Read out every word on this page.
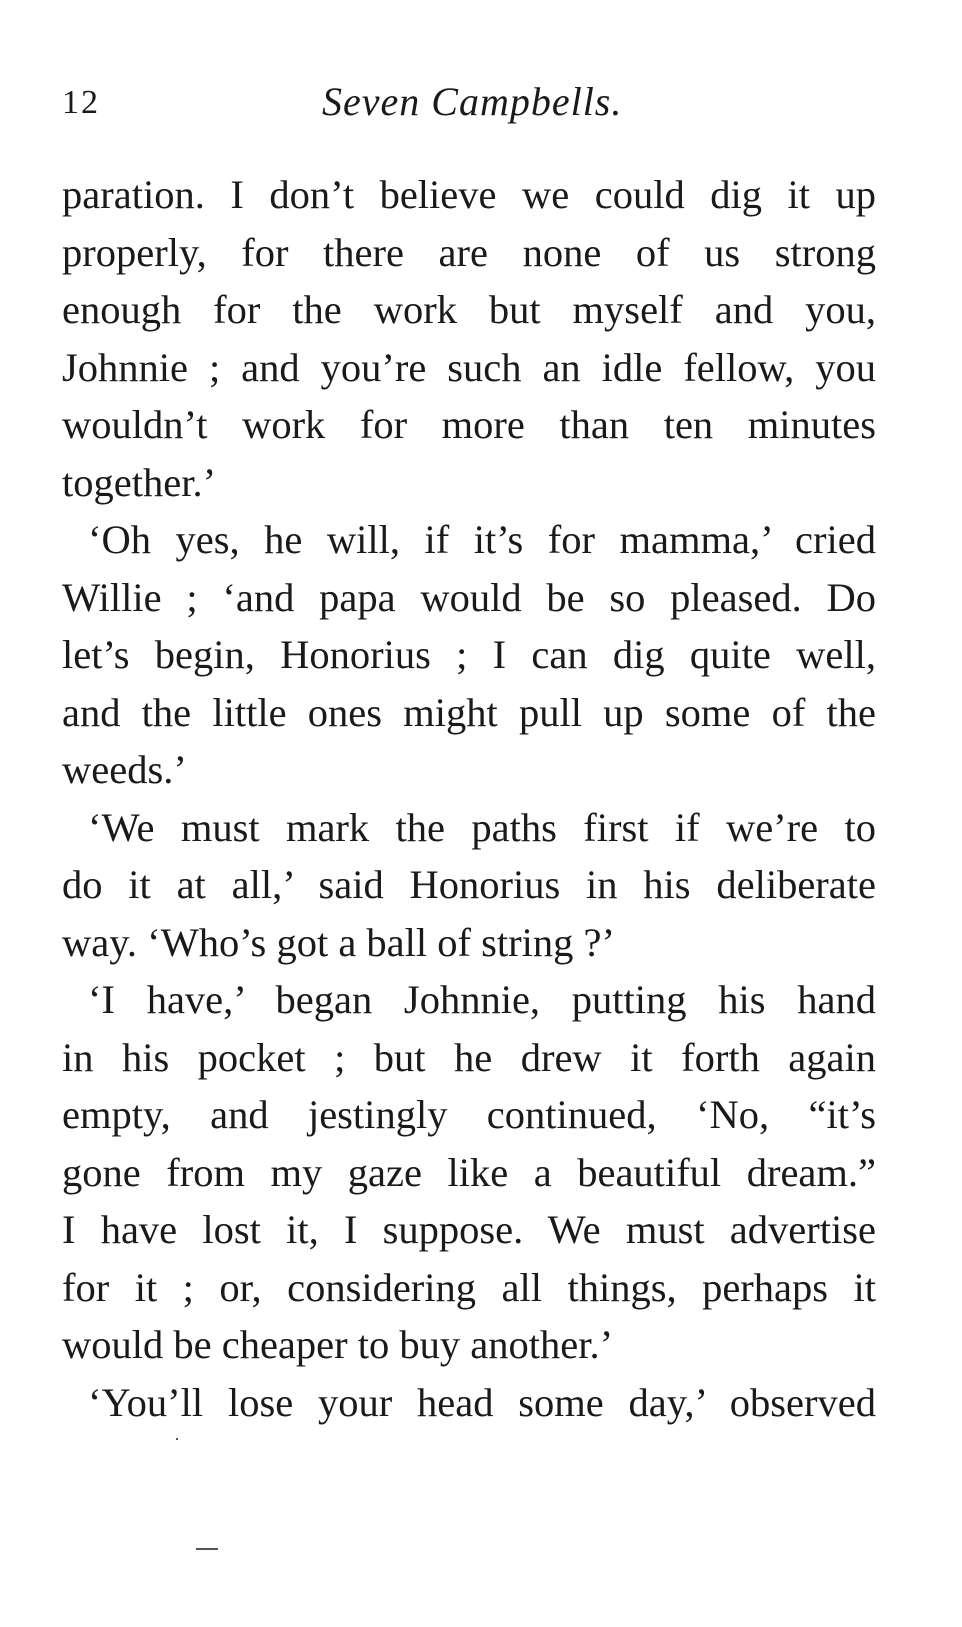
12	Seven Campbells.

paration. I don’t believe we could dig it up
properly, for there are none of us strong
enough for the work but myself and you,
Johnnie ; and you’re such an idle fellow, you
wouldn’t work for more than ten minutes
together.’

‘Oh yes, he will, if it’s for mamma,’ cried
Willie ; ‘and papa would be so pleased. Do
let’s begin, Honorius ; I can dig quite well,
and the little ones might pull up some of the
weeds.’

‘We must mark the paths first if we’re to
do it at all,’ said Honorius in his deliberate
way. ‘Who’s got a ball of string ?’

‘I have,’ began Johnnie, putting his hand
in his pocket ; but he drew it forth again
empty, and jestingly continued, ‘No, “it’s
gone from my gaze like a beautiful dream.”
I have lost it, I suppose. We must advertise
for it ; or, considering all things, perhaps it
would be cheaper to buy another.’

‘You’ll lose your head some day,’ observed
